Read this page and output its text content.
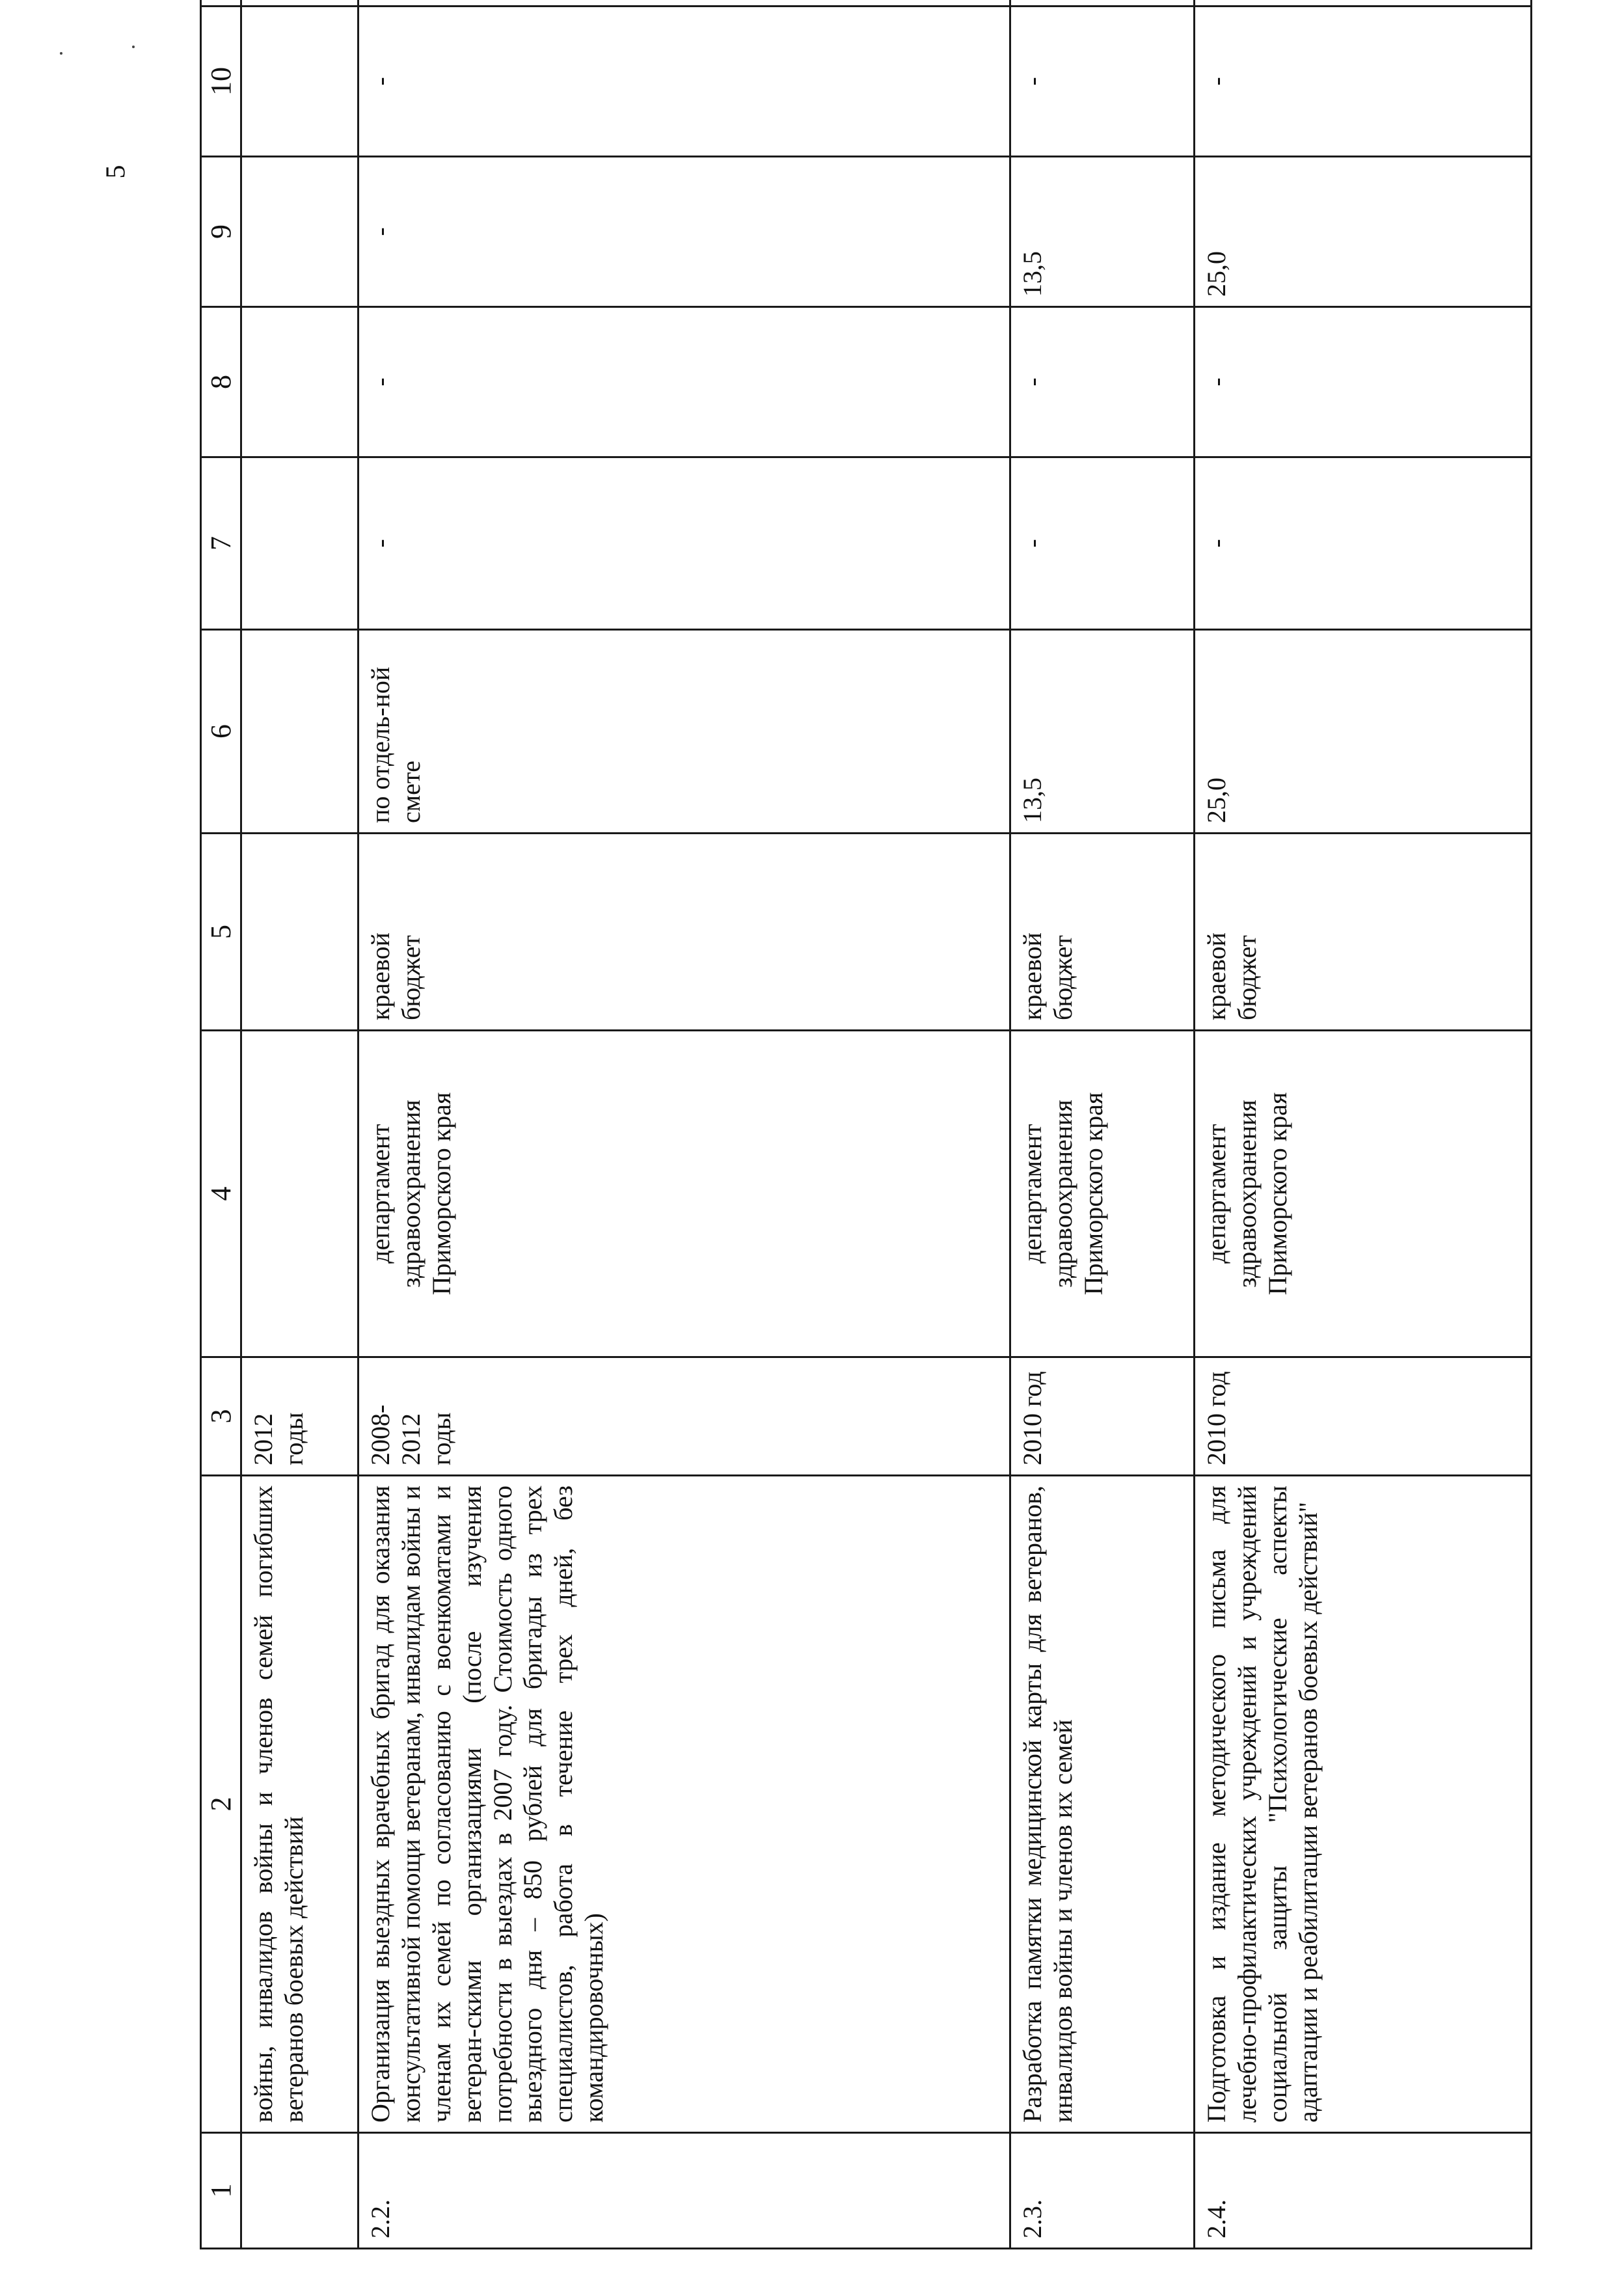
5
1	2	3	4	5	6	7	8	9	10	
	войны, инвалидов войны и членов семей погибших ветеранов боевых действий	2012 годы								
2.2.	Организация выездных врачебных бригад для оказания консультативной помощи ветеранам, инвалидам войны и членам их семей по согласованию с военкоматами и ветеран-скими организациями (после изучения потребности в выездах в 2007 году. Стоимость одного выездного дня – 850 рублей для бригады из трех специалистов, работа в течение трех дней, без командировочных)	2008-2012 годы	департамент здравоохранения Приморского края	краевой бюджет	по отдель-ной смете	-	-	-	-	
2.3.	Разработка памятки медицинской карты для ветеранов, инвалидов войны и членов их семей	2010 год	департамент здравоохранения Приморского края	краевой бюджет	13,5	-	-	13,5	-	
2.4.	Подготовка и издание методического письма для лечебно-профилактических учреждений и учреждений социальной защиты "Психологические аспекты адаптации и реабилитации ветеранов боевых действий"	2010 год	департамент здравоохранения Приморского края	краевой бюджет	25,0	-	-	25,0	-	
